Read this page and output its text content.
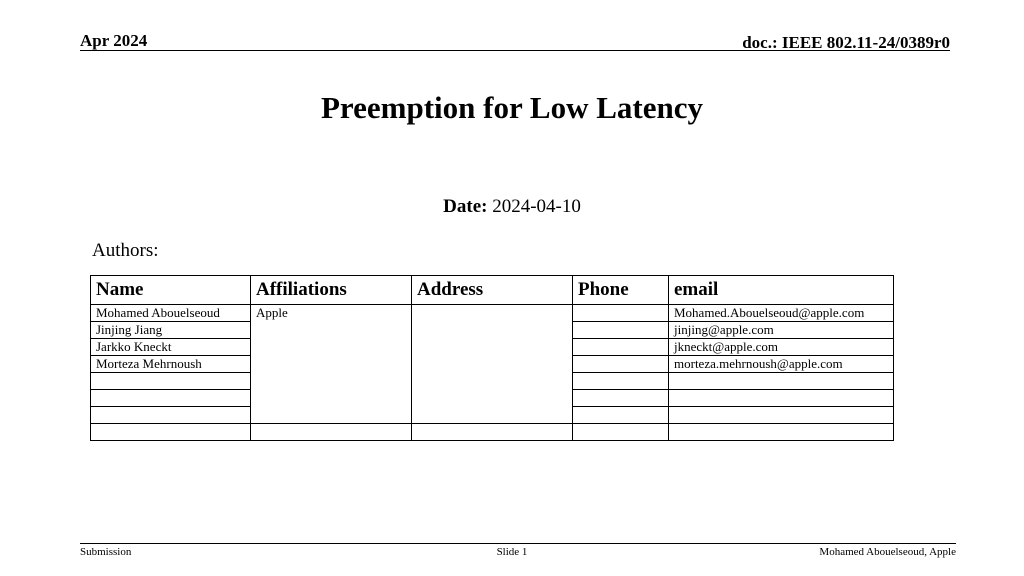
Apr 2024	doc.: IEEE 802.11-24/0389r0
Preemption for Low Latency
Date: 2024-04-10
Authors:
Name	Affiliations	Address	Phone	email
Mohamed Abouelseoud	Apple			Mohamed.Abouelseoud@apple.com
Jinjing Jiang				jinjing@apple.com
Jarkko Kneckt				jkneckt@apple.com
Morteza Mehrnoush				morteza.mehrnoush@apple.com

Submission	Slide 1	Mohamed Abouelseoud, Apple
